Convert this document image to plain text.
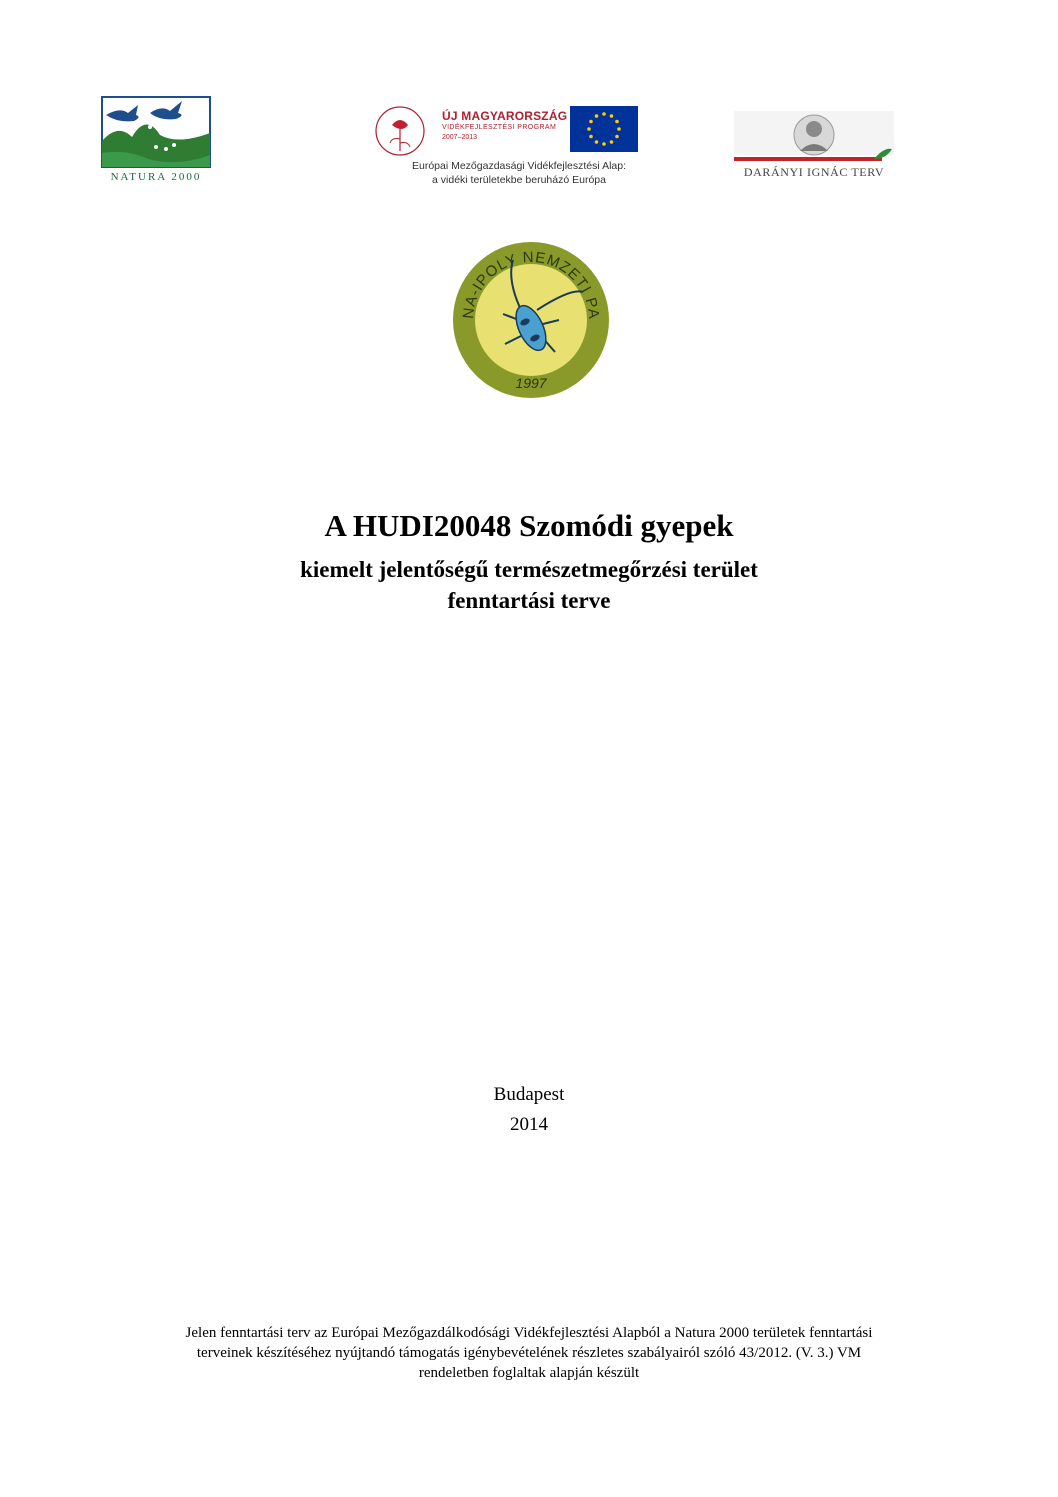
NATURA 2000
ÚJ MAGYARORSZÁG
VIDÉKFEJLESZTÉSI PROGRAM
2007–2013
Európai Mezőgazdasági Vidékfejlesztési Alap:
a vidéki területekbe beruházó Európa
DARÁNYI IGNÁC TERV
NA-IPOLY NEMZETI PA
1997
A HUDI20048 Szomódi gyepek
kiemelt jelentőségű természetmegőrzési terület
fenntartási terve
Budapest
2014
Jelen fenntartási terv az Európai Mezőgazdálkodósági Vidékfejlesztési Alapból a Natura 2000 területek fenntartási
terveinek készítéséhez nyújtandó támogatás igénybevételének részletes szabályairól szóló 43/2012. (V. 3.) VM
rendeletben foglaltak alapján készült
